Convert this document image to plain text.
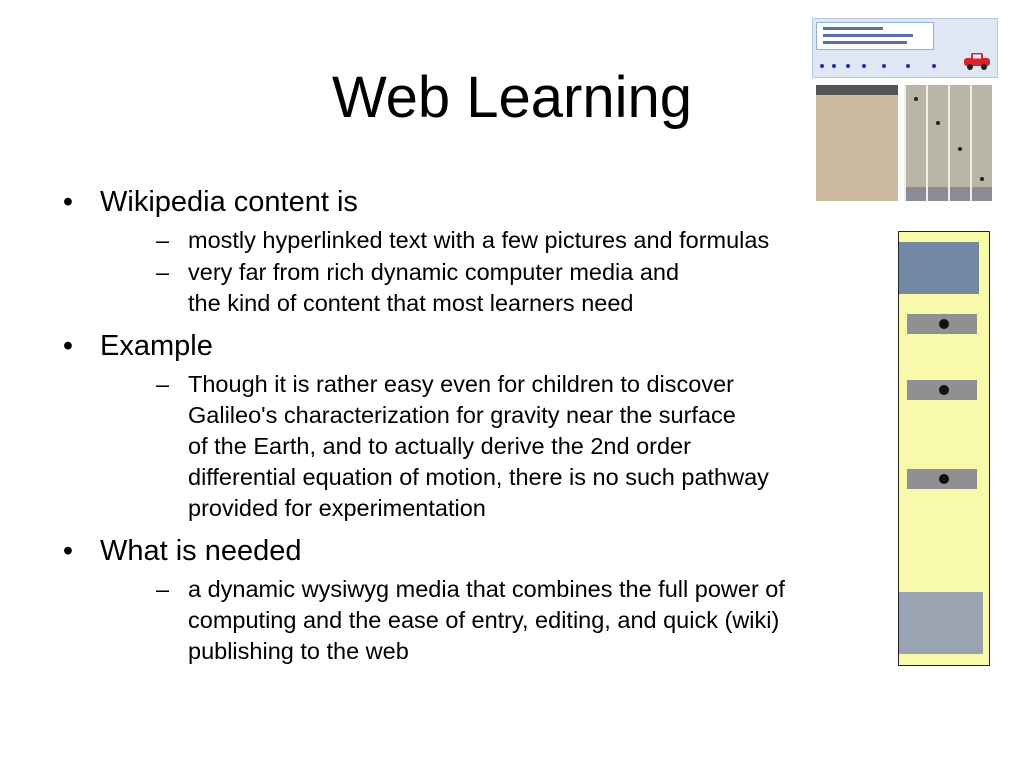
Web Learning
• Wikipedia content is
– mostly hyperlinked text with a few pictures and formulas
– very far from rich dynamic computer media and
the kind of content that most learners need
• Example
– Though it is rather easy even for children to discover
Galileo's characterization for gravity near the surface
of the Earth, and to actually derive the 2nd order
differential equation of motion, there is no such pathway
provided for experimentation
• What is needed
– a dynamic wysiwyg media that combines the full power of
computing and the ease of entry, editing, and quick (wiki)
publishing to the web
